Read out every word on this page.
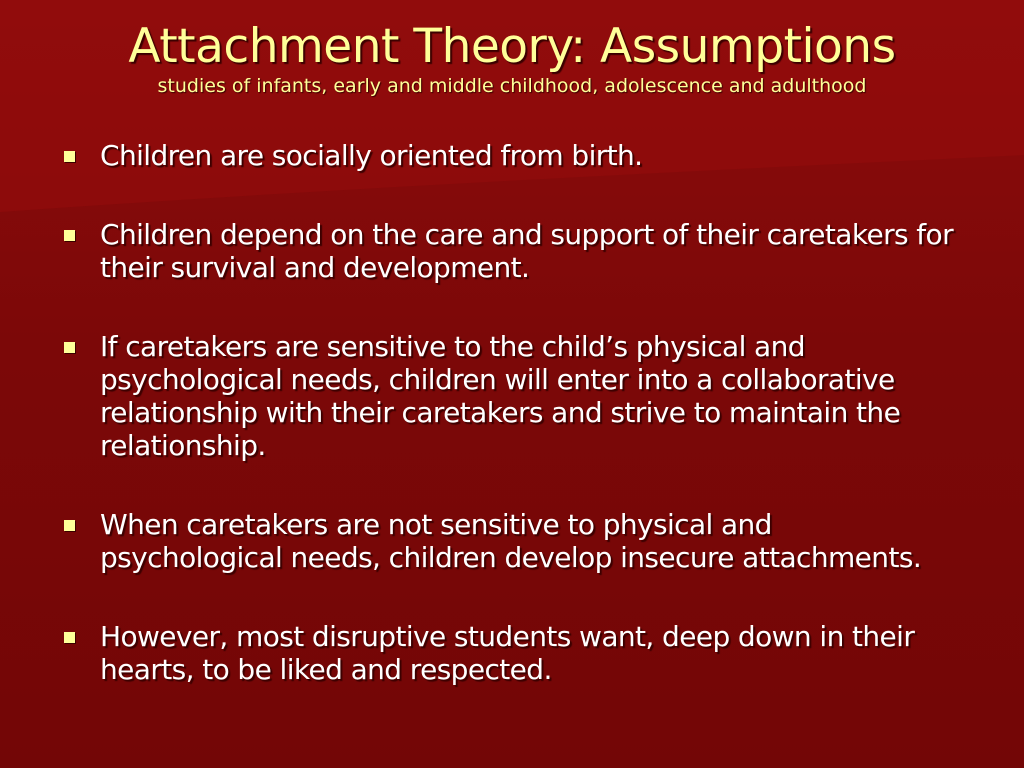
Attachment Theory: Assumptions
studies of infants, early and middle childhood, adolescence and adulthood
Children are socially oriented from birth.
Children depend on the care and support of their caretakers for their survival and development.
If caretakers are sensitive to the child’s physical and psychological needs, children will enter into a collaborative relationship with their caretakers and strive to maintain the relationship.
When caretakers are not sensitive to physical and psychological needs, children develop insecure attachments.
However, most disruptive students want, deep down in their hearts, to be liked and respected.
